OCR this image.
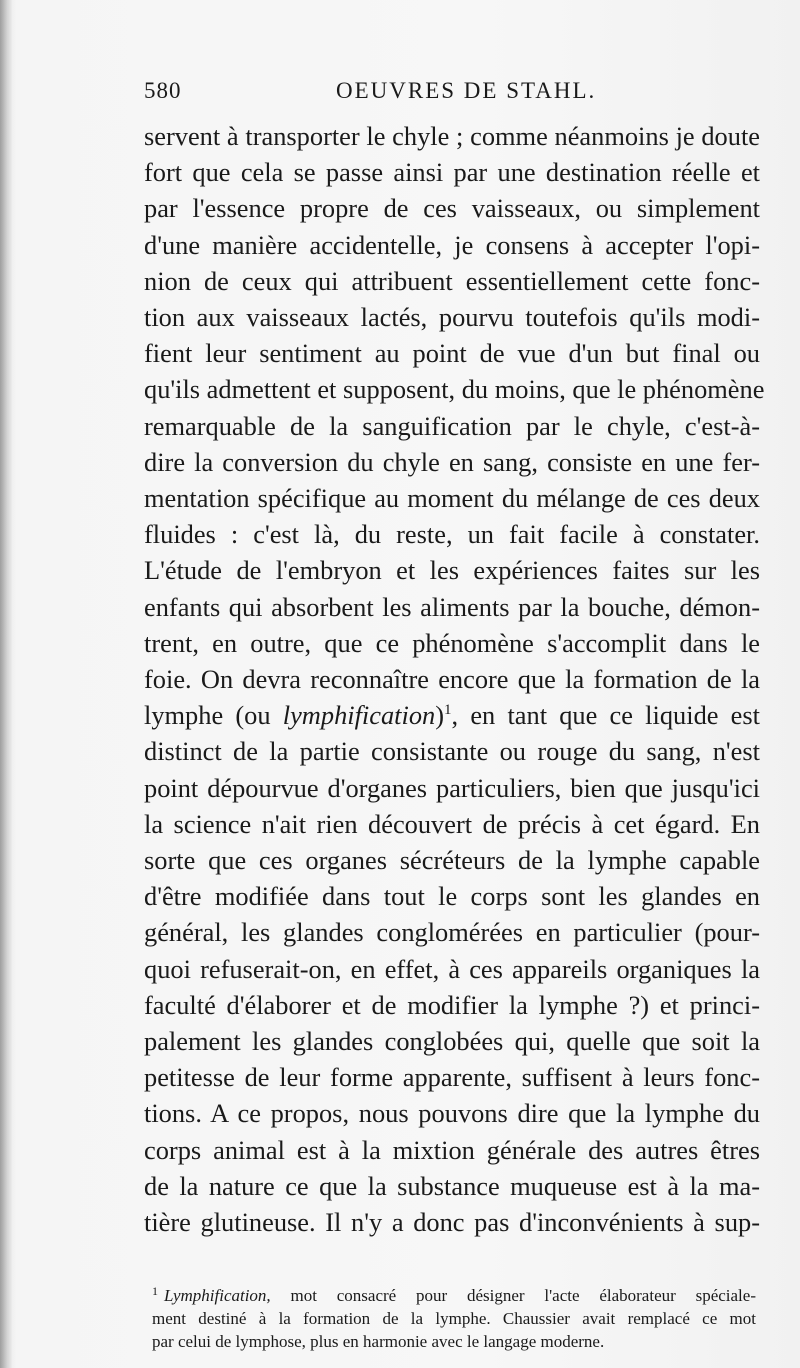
580	OEUVRES DE STAHL.
servent à transporter le chyle ; comme néanmoins je doute
fort que cela se passe ainsi par une destination réelle et
par l'essence propre de ces vaisseaux, ou simplement
d'une manière accidentelle, je consens à accepter l'opi-
nion de ceux qui attribuent essentiellement cette fonc-
tion aux vaisseaux lactés, pourvu toutefois qu'ils modi-
fient leur sentiment au point de vue d'un but final ou
qu'ils admettent et supposent, du moins, que le phénomène
remarquable de la sanguification par le chyle, c'est-à-
dire la conversion du chyle en sang, consiste en une fer-
mentation spécifique au moment du mélange de ces deux
fluides : c'est là, du reste, un fait facile à constater.
L'étude de l'embryon et les expériences faites sur les
enfants qui absorbent les aliments par la bouche, démon-
trent, en outre, que ce phénomène s'accomplit dans le
foie. On devra reconnaître encore que la formation de la
lymphe (ou lymphification)$^1$, en tant que ce liquide est
distinct de la partie consistante ou rouge du sang, n'est
point dépourvue d'organes particuliers, bien que jusqu'ici
la science n'ait rien découvert de précis à cet égard. En
sorte que ces organes sécréteurs de la lymphe capable
d'être modifiée dans tout le corps sont les glandes en
général, les glandes conglomérées en particulier (pour-
quoi refuserait-on, en effet, à ces appareils organiques la
faculté d'élaborer et de modifier la lymphe ?) et princi-
palement les glandes conglobées qui, quelle que soit la
petitesse de leur forme apparente, suffisent à leurs fonc-
tions. A ce propos, nous pouvons dire que la lymphe du
corps animal est à la mixtion générale des autres êtres
de la nature ce que la substance muqueuse est à la ma-
tière glutineuse. Il n'y a donc pas d'inconvénients à sup-
$^1$ Lymphification, mot consacré pour désigner l'acte élaborateur spéciale-
ment destiné à la formation de la lymphe. Chaussier avait remplacé ce mot
par celui de lymphose, plus en harmonie avec le langage moderne.
